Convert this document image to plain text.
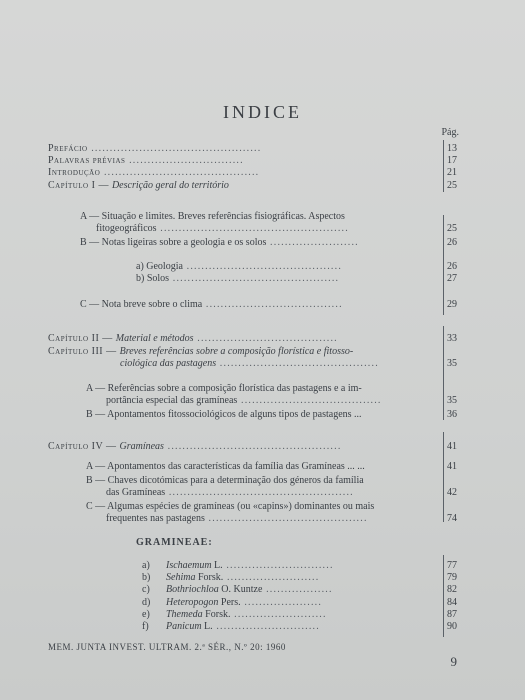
INDICE
Pág.
Prefácio ..............................................	13
Palavras prévias ...............................	17
Introdução ..........................................	21
Capítulo I — Descrição geral do território	25
A — Situação e limites. Breves referências fisiográficas. Aspectos
fitogeográficos ...................................................	25
B — Notas ligeiras sobre a geologia e os solos ........................	26
a) Geologia ..........................................	26
b) Solos .............................................	27
C — Nota breve sobre o clima .....................................	29
Capítulo II — Material e métodos ......................................	33
Capítulo III — Breves referências sobre a composição florística e fitosso-
ciológica das pastagens ...........................................	35
A — Referências sobre a composição florística das pastagens e a im-
portância especial das gramíneas ......................................	35
B — Apontamentos fitossociológicos de alguns tipos de pastagens ...	36
Capítulo IV — Gramíneas ...............................................	41
A — Apontamentos das características da família das Gramíneas ... ...	41
B — Chaves dicotómicas para a determinação dos géneros da família
das Gramíneas ..................................................	42
C — Algumas espécies de gramíneas (ou «capins») dominantes ou mais
frequentes nas pastagens ...........................................	74
GRAMINEAE:
a) Ischaemum L. .............................	77
b) Sehima Forsk. .........................	79
c) Bothriochloa O. Kuntze ..................	82
d) Heteropogon Pers. .....................	84
e) Themeda Forsk. .........................	87
f) Panicum L. ............................	90
MEM. JUNTA INVEST. ULTRAM. 2.ª SÉR., N.º 20: 1960
9
